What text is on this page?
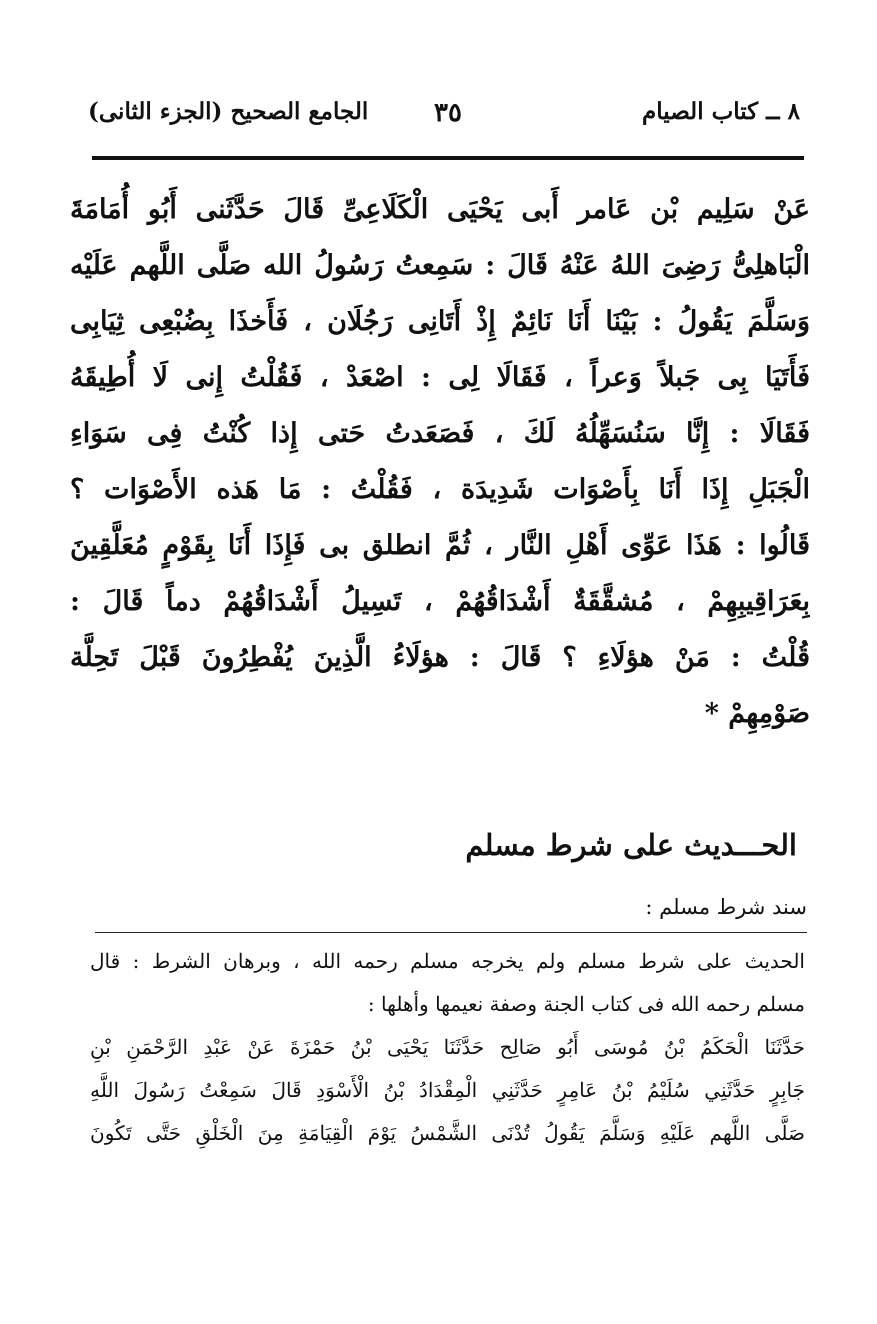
٨ ــ كتاب الصيام
٣٥
الجامع الصحيح (الجزء الثانى)
عَنْ سَلِيم بْن عَامر أَبى يَحْيَى الْكَلَاعِىِّ قَالَ حَدَّثَنى أَبُو أُمَامَةَ
الْبَاهلِىُّ رَضِىَ اللهُ عَنْهُ قَالَ : سَمِعتُ رَسُولُ الله صَلَّى اللَّهم عَلَيْه
وَسَلَّمَ يَقُولُ : بَيْنَا أَنَا نَائِمٌ إِذْ أَتَانِى رَجُلَان ، فَأَخذَا بِضُبْعِى ثِيَابِى
فَأَتَيَا بِى جَبلاً وَعراً ، فَقَالَا لِى : اصْعَدْ ، فَقُلْتُ إِنى لَا أُطِيقَهُ
فَقَالَا : إِنَّا سَنُسَهِّلُهُ لَكَ ، فَصَعَدتُ حَتى إِذا كُنْتُ فِى سَوَاءِ
الْجَبَلِ إِذَا أَنَا بِأَصْوَات شَدِيدَة ، فَقُلْتُ : مَا هَذه الأَصْوَات ؟
قَالُوا : هَذَا عَوِّى أَهْلِ النَّار ، ثُمَّ انطلق بى فَإِذَا أَنَا بِقَوْمٍ مُعَلَّقِينَ
بِعَرَاقِيبِهِمْ ، مُشقَّقَةٌ أَشْدَاقُهُمْ ، تَسِيلُ أَشْدَاقُهُمْ دماً قَالَ :
قُلْتُ : مَنْ هؤلَاءِ ؟ قَالَ : هؤلَاءُ الَّذِينَ يُفْطِرُونَ قَبْلَ تَحِلَّة
صَوْمِهِمْ *
الحـــديث على شرط مسلم
سند شرط مسلم :
الحديث على شرط مسلم ولم يخرجه مسلم رحمه الله ، وبرهان الشرط : قال
مسلم رحمه الله فى كتاب الجنة وصفة نعيمها وأهلها :
حَدَّثَنَا الْحَكَمُ بْنُ مُوسَى أَبُو صَالِح حَدَّثَنَا يَحْيَى بْنُ حَمْزَةَ عَنْ عَبْدِ الرَّحْمَنِ بْنِ
جَابِرٍ حَدَّثَنِي سُلَيْمُ بْنُ عَامِرٍ حَدَّثَنِي الْمِقْدَادُ بْنُ الْأَسْوَدِ قَالَ سَمِعْتُ رَسُولَ اللَّهِ
صَلَّى اللَّهم عَلَيْهِ وَسَلَّمَ يَقُولُ تُدْنَى الشَّمْسُ يَوْمَ الْقِيَامَةِ مِنَ الْخَلْقِ حَتَّى تَكُونَ
